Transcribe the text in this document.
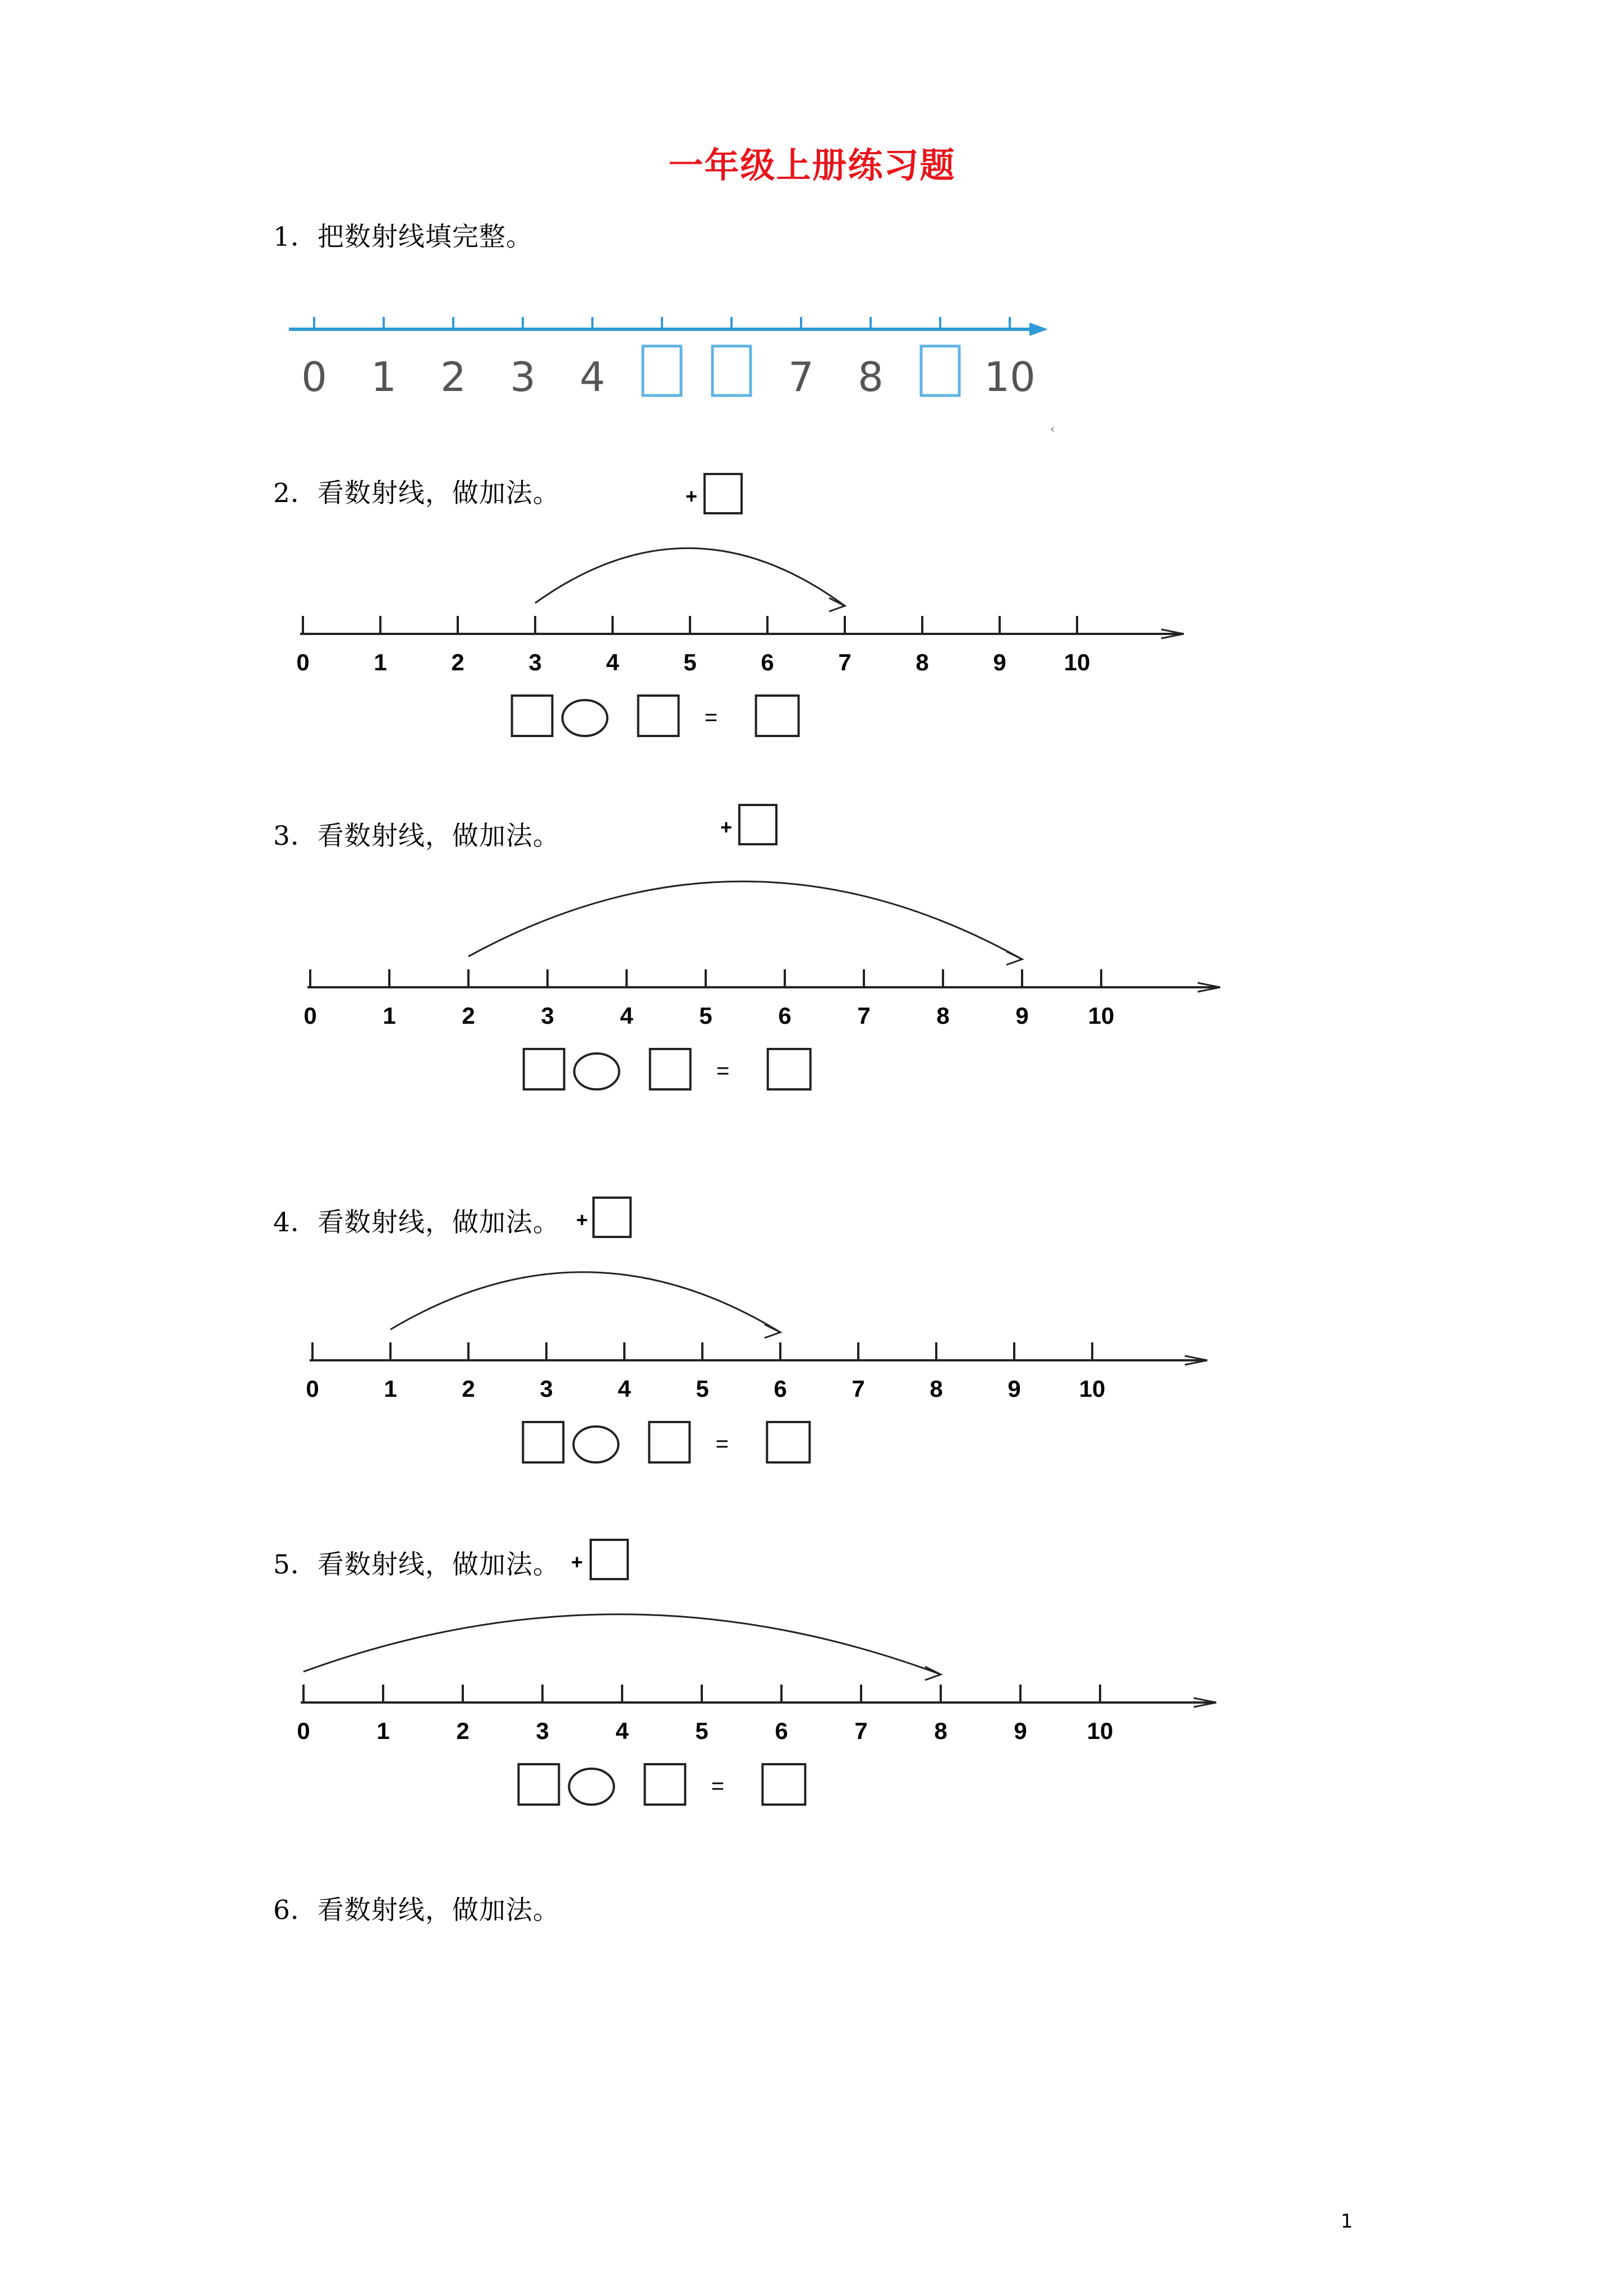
一年级上册练习题
1．把数射线填完整。
2．看数射线，做加法。
3．看数射线，做加法。
4．看数射线，做加法。
5．看数射线，做加法。
6．看数射线，做加法。
0 1 2 3 4	7 8 10
‹
0	1	2	3	4	5	6	7	8	9 10
+
=
0	1	2	3	4	5	6	7	8	9	10
+
=
0	1	2	3	4	5	6	7	8	9 10
+
=
0	1	2	3	4	5	6	7	8	9	10
+
=
1
